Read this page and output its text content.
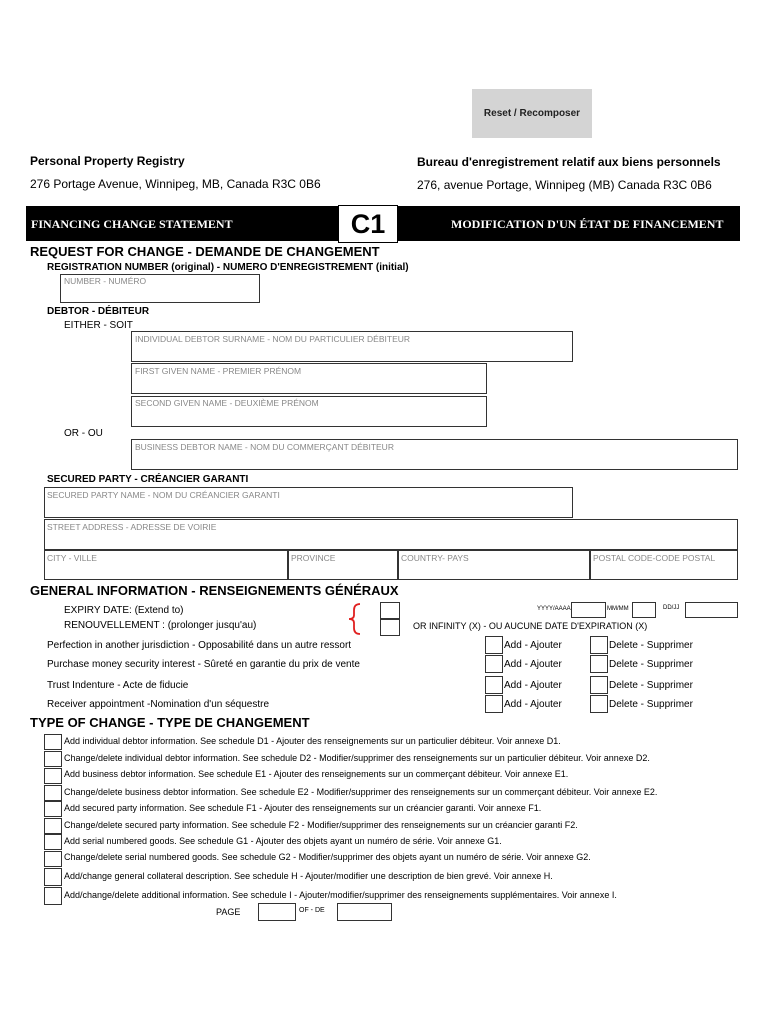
Reset / Recomposer
Personal Property Registry	Bureau d'enregistrement relatif aux biens personnels
276 Portage Avenue, Winnipeg, MB, Canada R3C 0B6	276, avenue Portage, Winnipeg (MB) Canada R3C 0B6
FINANCING CHANGE STATEMENT	C1	MODIFICATION D'UN ÉTAT DE FINANCEMENT
REQUEST FOR CHANGE - DEMANDE DE CHANGEMENT
REGISTRATION NUMBER (original) - NUMERO D'ENREGISTREMENT (initial)
NUMBER - NUMÉRO
DEBTOR - DÉBITEUR
EITHER - SOIT
INDIVIDUAL DEBTOR SURNAME - NOM DU PARTICULIER DÉBITEUR
FIRST GIVEN NAME - PREMIER PRÉNOM
SECOND GIVEN NAME - DEUXIÈME PRÉNOM
OR - OU
BUSINESS DEBTOR NAME - NOM DU COMMERÇANT DÉBITEUR
SECURED PARTY - CRÉANCIER GARANTI
SECURED PARTY NAME - NOM DU CRÉANCIER GARANTI
STREET ADDRESS - ADRESSE DE VOIRIE
CITY - VILLE	PROVINCE	COUNTRY- PAYS	POSTAL CODE-CODE POSTAL
GENERAL INFORMATION - RENSEIGNEMENTS GÉNÉRAUX
EXPIRY DATE: (Extend to)
RENOUVELLEMENT : (prolonger jusqu'au)
YYYY/AAAA	MM/MM	DD/JJ
OR INFINITY (X) - OU AUCUNE DATE D'EXPIRATION (X)
Perfection in another jurisdiction - Opposabilité dans un autre ressort	Add - Ajouter	Delete - Supprimer
Purchase money security interest - Sûreté en garantie du prix de vente	Add - Ajouter	Delete - Supprimer
Trust Indenture - Acte de fiducie	Add - Ajouter	Delete - Supprimer
Receiver appointment -Nomination d'un séquestre	Add - Ajouter	Delete - Supprimer
TYPE OF CHANGE - TYPE DE CHANGEMENT
Add individual debtor information. See schedule D1 - Ajouter des renseignements sur un particulier débiteur. Voir annexe D1.
Change/delete individual debtor information. See schedule D2 - Modifier/supprimer des renseignements sur un particulier débiteur. Voir annexe D2.
Add business debtor information. See schedule E1 - Ajouter des renseignements sur un commerçant débiteur. Voir annexe E1.
Change/delete business debtor information. See schedule E2 - Modifier/supprimer des renseignements sur un commerçant débiteur. Voir annexe E2.
Add secured party information. See schedule F1 - Ajouter des renseignements sur un créancier garanti. Voir annexe F1.
Change/delete secured party information. See schedule F2 - Modifier/supprimer des renseignements sur un créancier garanti F2.
Add serial numbered goods. See schedule G1 - Ajouter des objets ayant un numéro de série. Voir annexe G1.
Change/delete serial numbered goods. See schedule G2 - Modifier/supprimer des objets ayant un numéro de série. Voir annexe G2.
Add/change general collateral description. See schedule H - Ajouter/modifier une description de bien grevé. Voir annexe H.
Add/change/delete additional information. See schedule I - Ajouter/modifier/supprimer des renseignements supplémentaires. Voir annexe I.
PAGE	OF - DE
